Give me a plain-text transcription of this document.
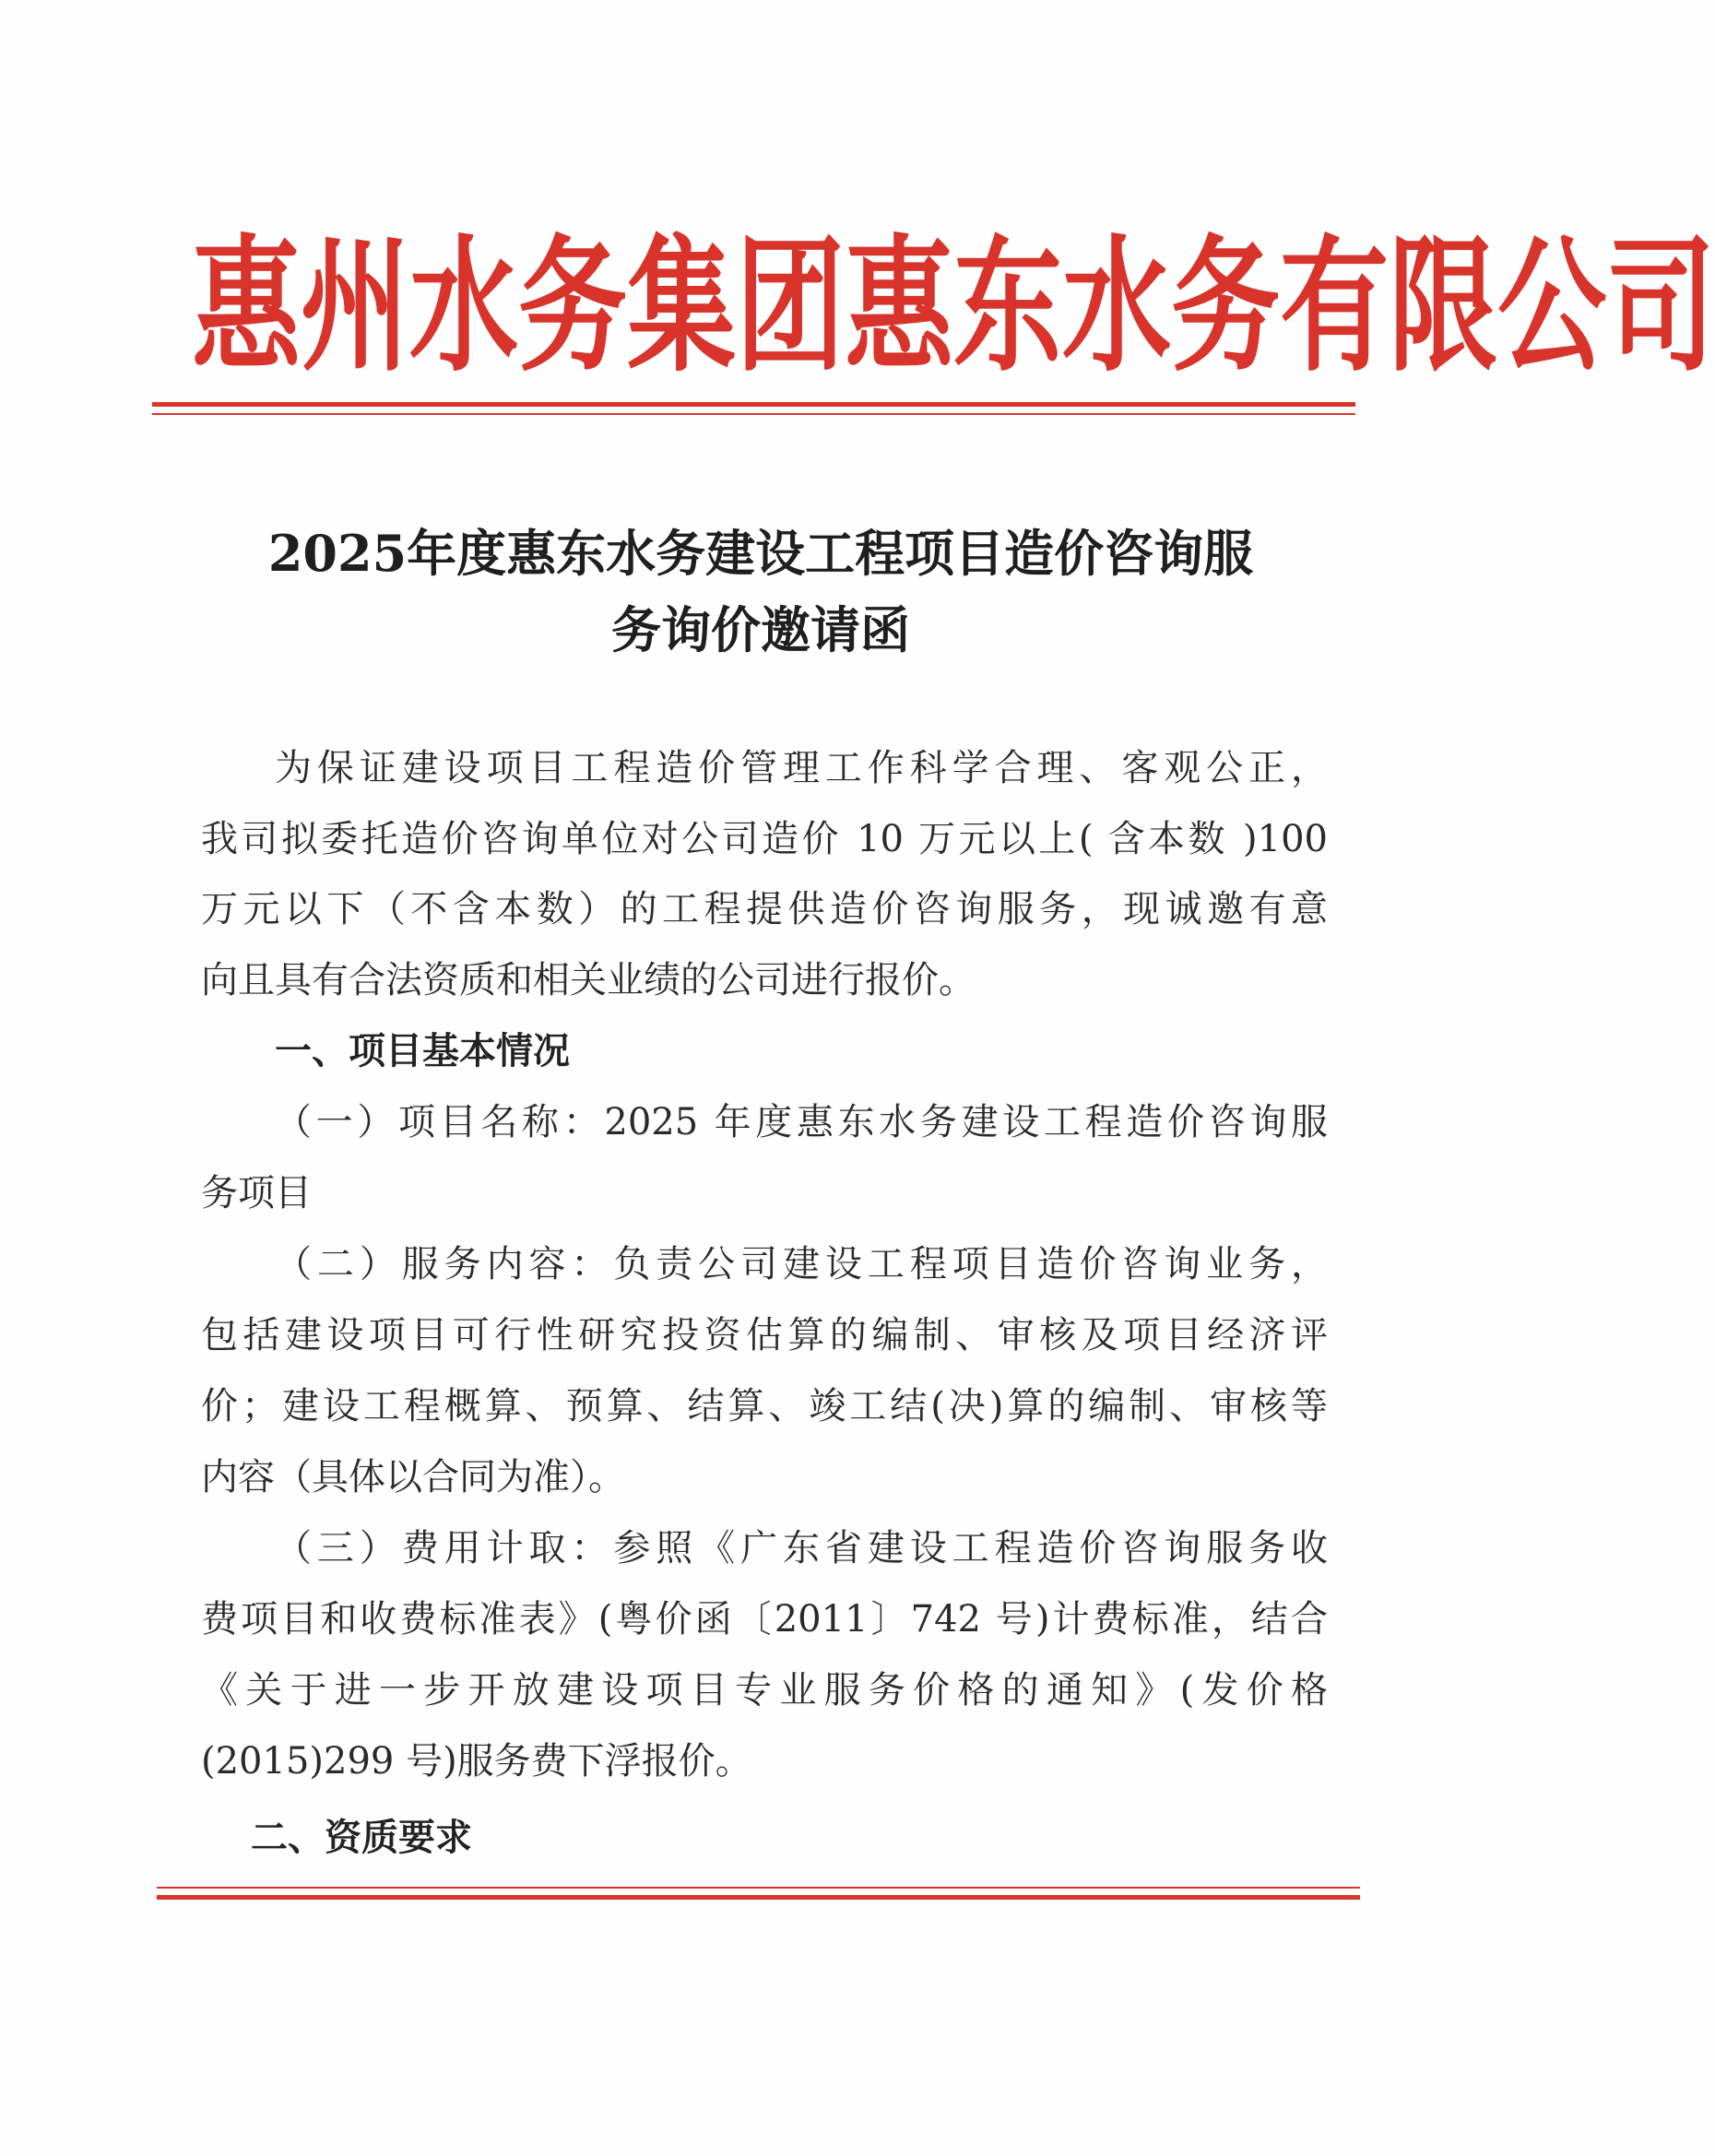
惠 州 水 务 集 团 惠 东 水 务 有 限 公 司
2025年度惠东水务建设工程项目造价咨询服
务询价邀请函
为保证建设项目工程造价管理工作科学合理、客观公正，
我司拟委托造价咨询单位对公司造价 10 万元以上( 含本数 )100
万元以下（不含本数）的工程提供造价咨询服务，现诚邀有意
向且具有合法资质和相关业绩的公司进行报价。
一、项目基本情况
（一）项目名称：2025 年度惠东水务建设工程造价咨询服
务项目
（二）服务内容：负责公司建设工程项目造价咨询业务，
包括建设项目可行性研究投资估算的编制、审核及项目经济评
价；建设工程概算、预算、结算、竣工结(决)算的编制、审核等
内容（具体以合同为准）。
（三）费用计取：参照《广东省建设工程造价咨询服务收
费项目和收费标准表》(粤价函〔2011〕742 号)计费标准，结合
《关于进一步开放建设项目专业服务价格的通知》(发价格
(2015)299 号)服务费下浮报价。
二、资质要求
